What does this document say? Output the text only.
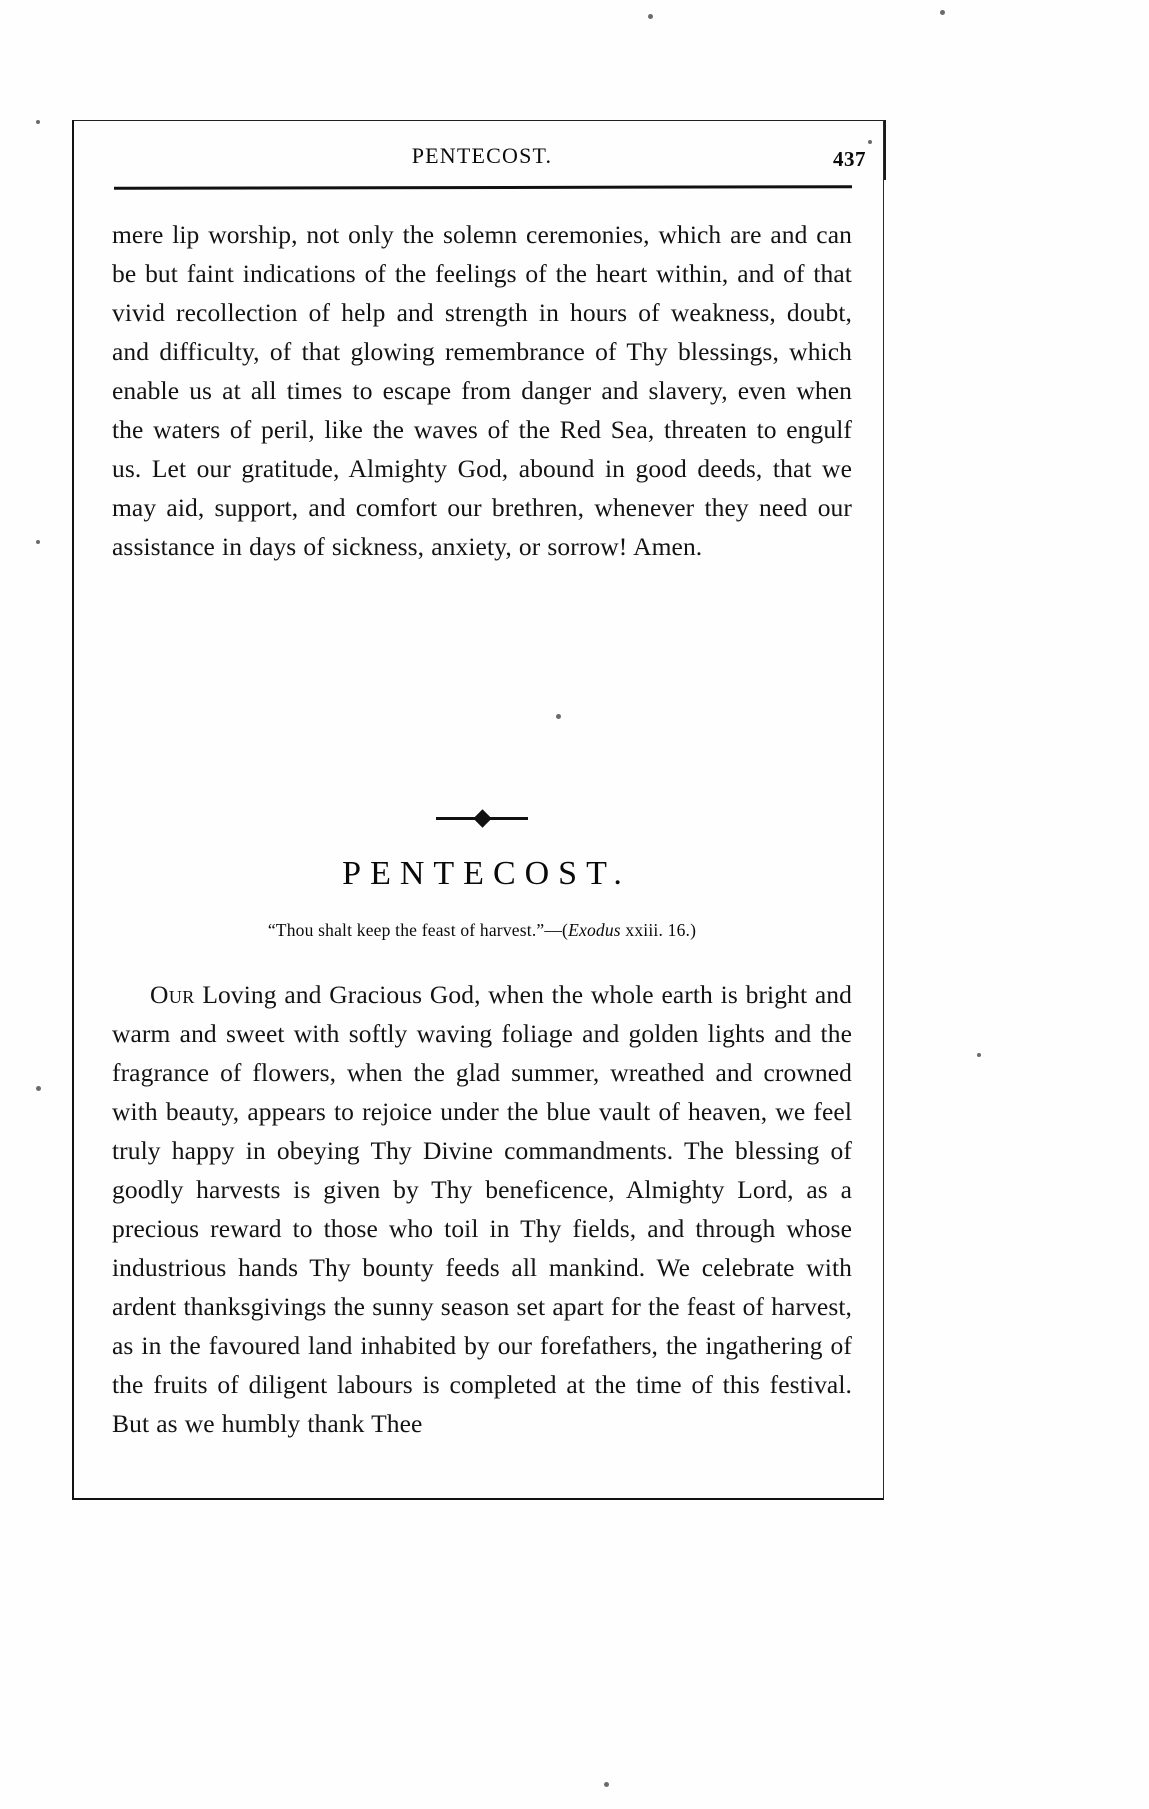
PENTECOST.	437

mere lip worship, not only the solemn ceremonies, which are and can be but faint indications of the feelings of the heart within, and of that vivid recollection of help and strength in hours of weakness, doubt, and difficulty, of that glowing remembrance of Thy blessings, which enable us at all times to escape from danger and slavery, even when the waters of peril, like the waves of the Red Sea, threaten to engulf us. Let our gratitude, Almighty God, abound in good deeds, that we may aid, support, and comfort our brethren, whenever they need our assistance in days of sickness, anxiety, or sorrow! Amen.

PENTECOST.
“Thou shalt keep the feast of harvest.”—(Exodus xxiii. 16.)

Our Loving and Gracious God, when the whole earth is bright and warm and sweet with softly waving foliage and golden lights and the fragrance of flowers, when the glad summer, wreathed and crowned with beauty, appears to rejoice under the blue vault of heaven, we feel truly happy in obeying Thy Divine commandments. The blessing of goodly harvests is given by Thy beneficence, Almighty Lord, as a precious reward to those who toil in Thy fields, and through whose industrious hands Thy bounty feeds all mankind. We celebrate with ardent thanksgivings the sunny season set apart for the feast of harvest, as in the favoured land inhabited by our forefathers, the ingathering of the fruits of diligent labours is completed at the time of this festival. But as we humbly thank Thee
